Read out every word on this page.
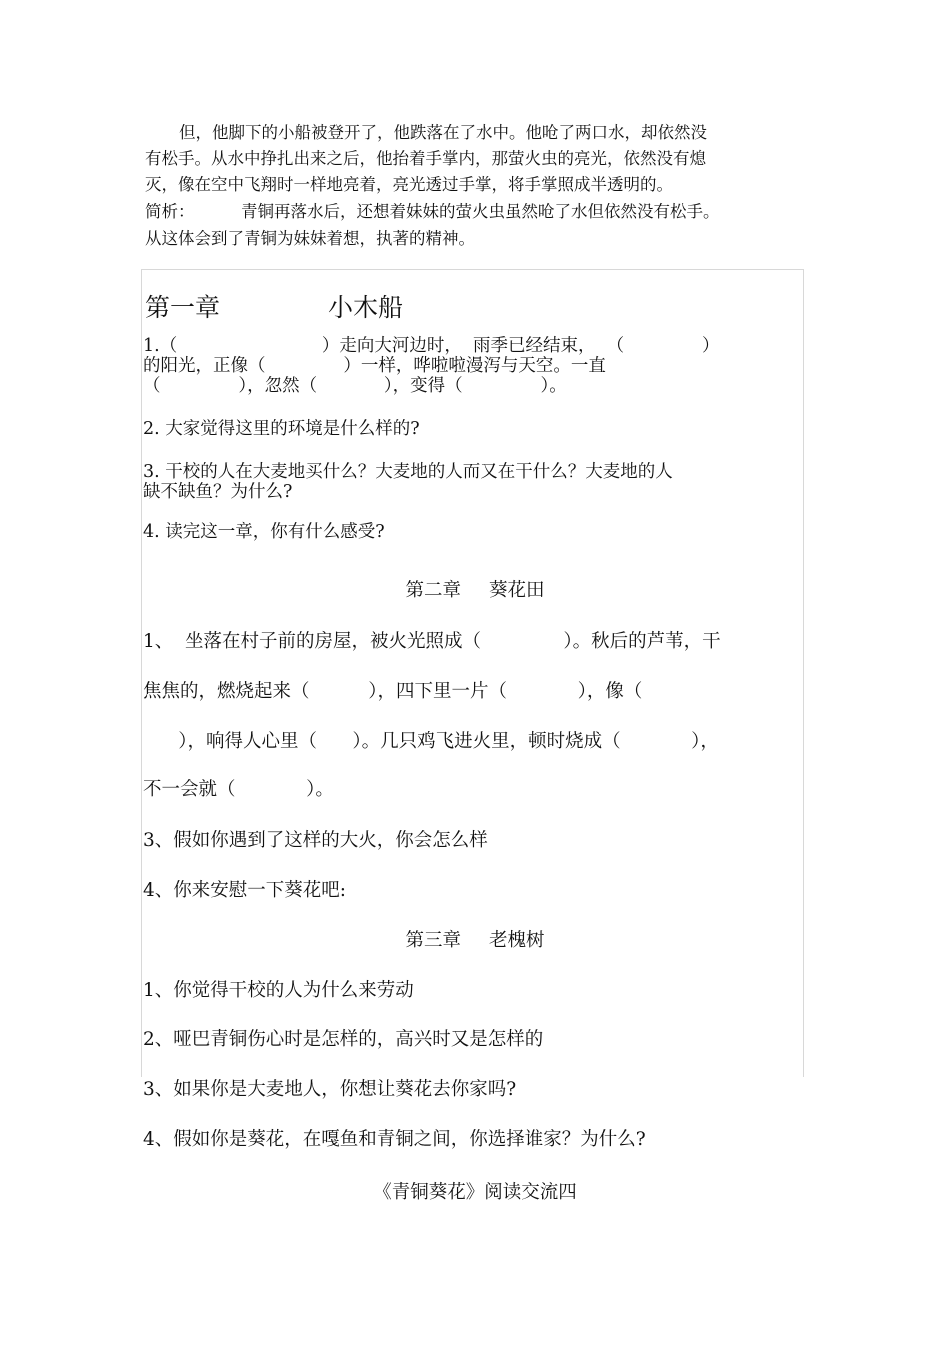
但，他脚下的小船被登开了，他跌落在了水中。他呛了两口水，却依然没
有松手。从水中挣扎出来之后，他抬着手掌内，那萤火虫的亮光，依然没有熄
灭，像在空中飞翔时一样地亮着，亮光透过手掌，将手掌照成半透明的。
简析：	青铜再落水后，还想着妹妹的萤火虫虽然呛了水但依然没有松手。
从这体会到了青铜为妹妹着想，执著的精神。
第一章	小木船
1.（                          ）走向大河边时，  雨季已经结束，  （              ）
的阳光，正像（              ）一样，哗啦啦漫泻与天空。一直
（              ），忽然（            ），变得（              ）。
2. 大家觉得这里的环境是什么样的?
3. 干校的人在大麦地买什么？大麦地的人而又在干什么？大麦地的人
缺不缺鱼？为什么?
4. 读完这一章，你有什么感受?
第二章 葵花田
1、  坐落在村子前的房屋，被火光照成（              ）。秋后的芦苇，干
焦焦的，燃烧起来（          ），四下里一片（            ），像（
），响得人心里（      ）。几只鸡飞进火里，顿时烧成（            ），
不一会就（            ）。
3、假如你遇到了这样的大火，你会怎么样
4、你来安慰一下葵花吧:
第三章 老槐树
1、你觉得干校的人为什么来劳动
2、哑巴青铜伤心时是怎样的，高兴时又是怎样的
3、如果你是大麦地人，你想让葵花去你家吗?
4、假如你是葵花，在嘎鱼和青铜之间，你选择谁家？为什么?
《青铜葵花》阅读交流四
